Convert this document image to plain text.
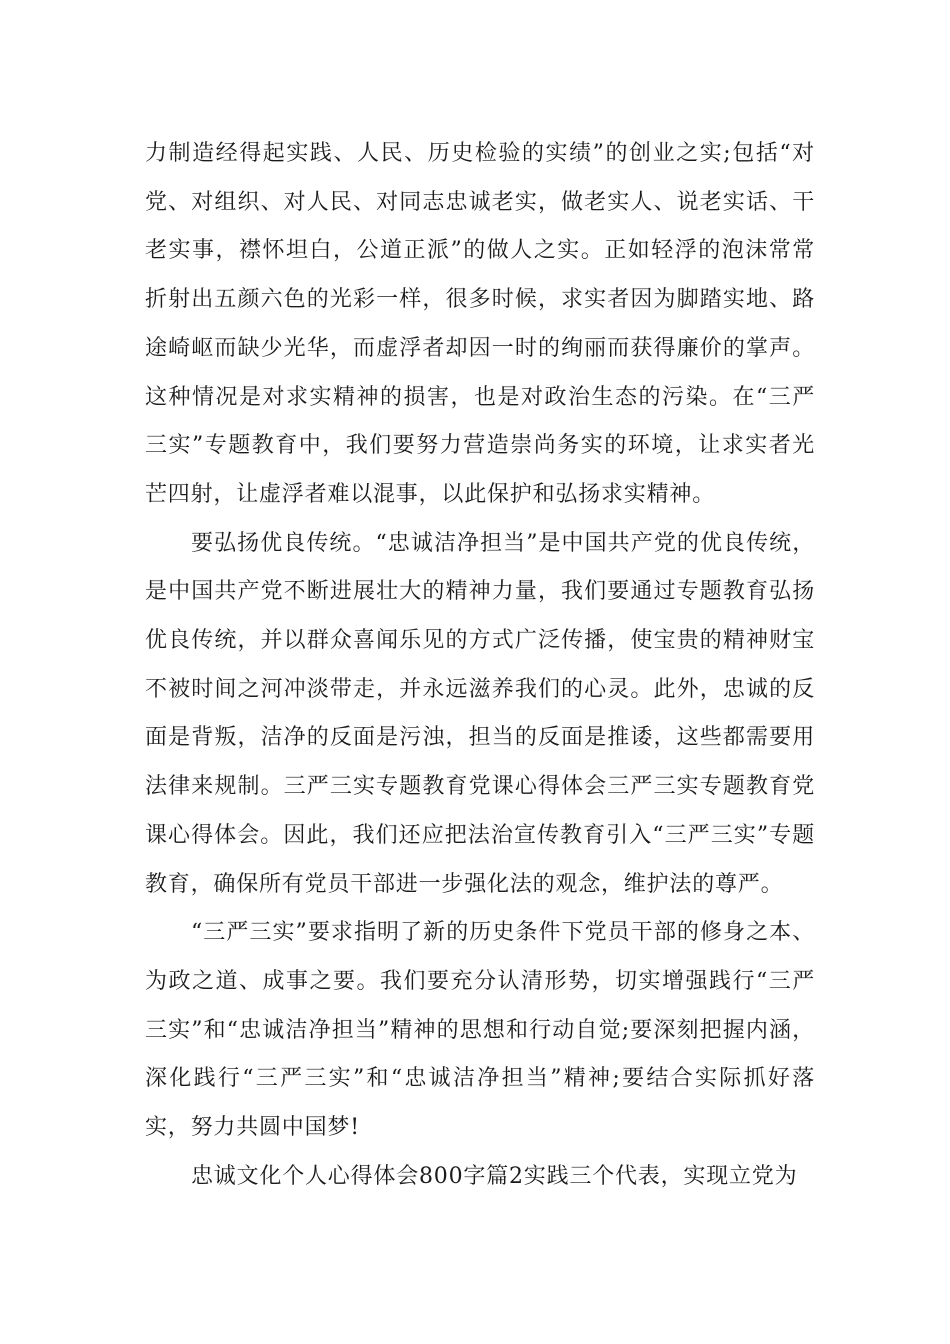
力制造经得起实践、人民、历史检验的实绩”的创业之实;包括“对党、对组织、对人民、对同志忠诚老实，做老实人、说老实话、干老实事，襟怀坦白，公道正派”的做人之实。正如轻浮的泡沫常常折射出五颜六色的光彩一样，很多时候，求实者因为脚踏实地、路途崎岖而缺少光华，而虚浮者却因一时的绚丽而获得廉价的掌声。这种情况是对求实精神的损害，也是对政治生态的污染。在“三严三实”专题教育中，我们要努力营造崇尚务实的环境，让求实者光芒四射，让虚浮者难以混事，以此保护和弘扬求实精神。

要弘扬优良传统。“忠诚洁净担当”是中国共产党的优良传统，是中国共产党不断进展壮大的精神力量，我们要通过专题教育弘扬优良传统，并以群众喜闻乐见的方式广泛传播，使宝贵的精神财宝不被时间之河冲淡带走，并永远滋养我们的心灵。此外，忠诚的反面是背叛，洁净的反面是污浊，担当的反面是推诿，这些都需要用法律来规制。三严三实专题教育党课心得体会三严三实专题教育党课心得体会。因此，我们还应把法治宣传教育引入“三严三实”专题教育，确保所有党员干部进一步强化法的观念，维护法的尊严。

“三严三实”要求指明了新的历史条件下党员干部的修身之本、为政之道、成事之要。我们要充分认清形势，切实增强践行“三严三实”和“忠诚洁净担当”精神的思想和行动自觉;要深刻把握内涵，深化践行“三严三实”和“忠诚洁净担当”精神;要结合实际抓好落实，努力共圆中国梦!

忠诚文化个人心得体会800字篇2实践三个代表，实现立党为
